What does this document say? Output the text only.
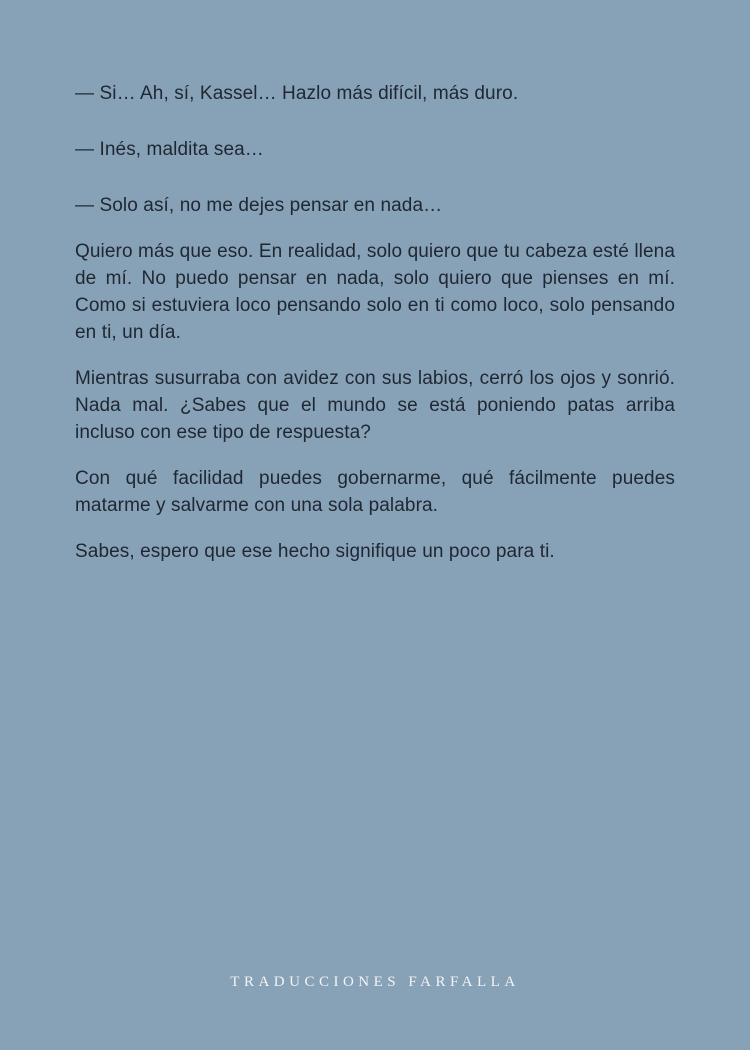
— Si… Ah, sí, Kassel… Hazlo más difícil, más duro.

— Inés, maldita sea…

— Solo así, no me dejes pensar en nada…

Quiero más que eso. En realidad, solo quiero que tu cabeza esté llena de mí. No puedo pensar en nada, solo quiero que pienses en mí. Como si estuviera loco pensando solo en ti como loco, solo pensando en ti, un día.

Mientras susurraba con avidez con sus labios, cerró los ojos y sonrió. Nada mal. ¿Sabes que el mundo se está poniendo patas arriba incluso con ese tipo de respuesta?

Con qué facilidad puedes gobernarme, qué fácilmente puedes matarme y salvarme con una sola palabra.

Sabes, espero que ese hecho signifique un poco para ti.

TRADUCCIONES FARFALLA
